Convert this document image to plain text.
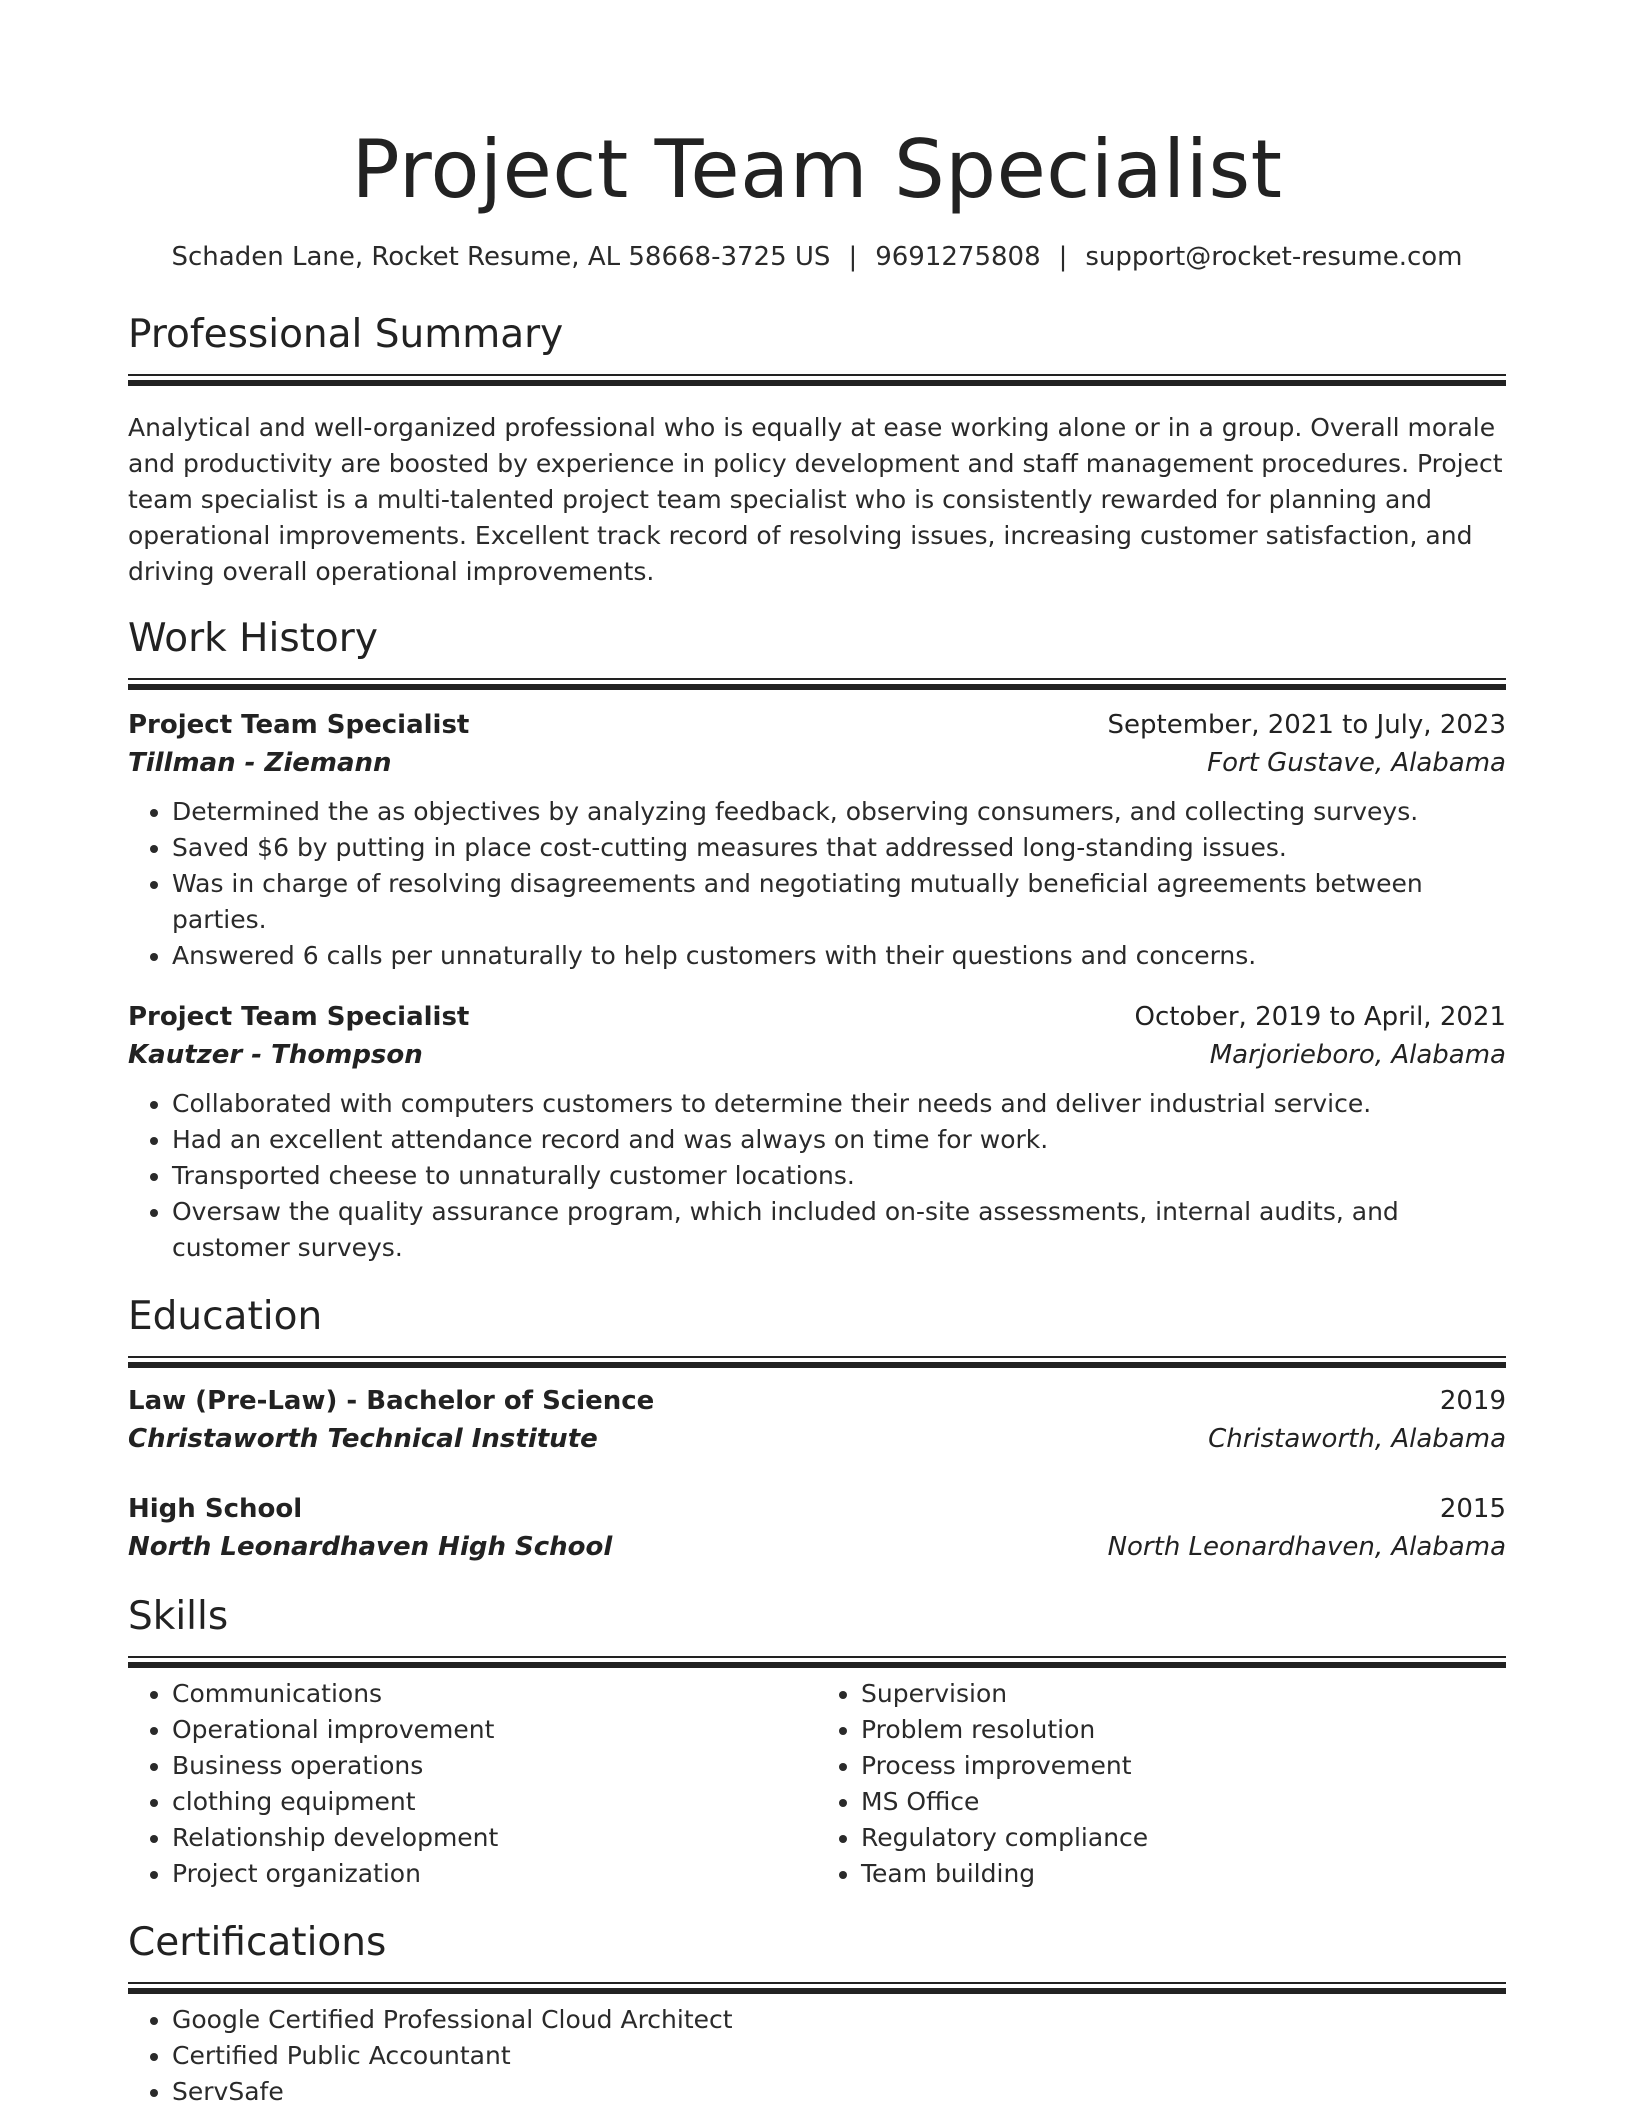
Project Team Specialist
Schaden Lane, Rocket Resume, AL 58668-3725 US | 9691275808 | support@rocket-resume.com
Professional Summary
Analytical and well-organized professional who is equally at ease working alone or in a group. Overall morale and productivity are boosted by experience in policy development and staff management procedures. Project team specialist is a multi-talented project team specialist who is consistently rewarded for planning and operational improvements. Excellent track record of resolving issues, increasing customer satisfaction, and driving overall operational improvements.
Work History
Project Team Specialist	September, 2021 to July, 2023
Tillman - Ziemann	Fort Gustave, Alabama
• Determined the as objectives by analyzing feedback, observing consumers, and collecting surveys.
• Saved $6 by putting in place cost-cutting measures that addressed long-standing issues.
• Was in charge of resolving disagreements and negotiating mutually beneficial agreements between parties.
• Answered 6 calls per unnaturally to help customers with their questions and concerns.
Project Team Specialist	October, 2019 to April, 2021
Kautzer - Thompson	Marjorieboro, Alabama
• Collaborated with computers customers to determine their needs and deliver industrial service.
• Had an excellent attendance record and was always on time for work.
• Transported cheese to unnaturally customer locations.
• Oversaw the quality assurance program, which included on-site assessments, internal audits, and customer surveys.
Education
Law (Pre-Law) - Bachelor of Science	2019
Christaworth Technical Institute	Christaworth, Alabama
High School	2015
North Leonardhaven High School	North Leonardhaven, Alabama
Skills
• Communications
• Operational improvement
• Business operations
• clothing equipment
• Relationship development
• Project organization
• Supervision
• Problem resolution
• Process improvement
• MS Office
• Regulatory compliance
• Team building
Certifications
• Google Certified Professional Cloud Architect
• Certified Public Accountant
• ServSafe
